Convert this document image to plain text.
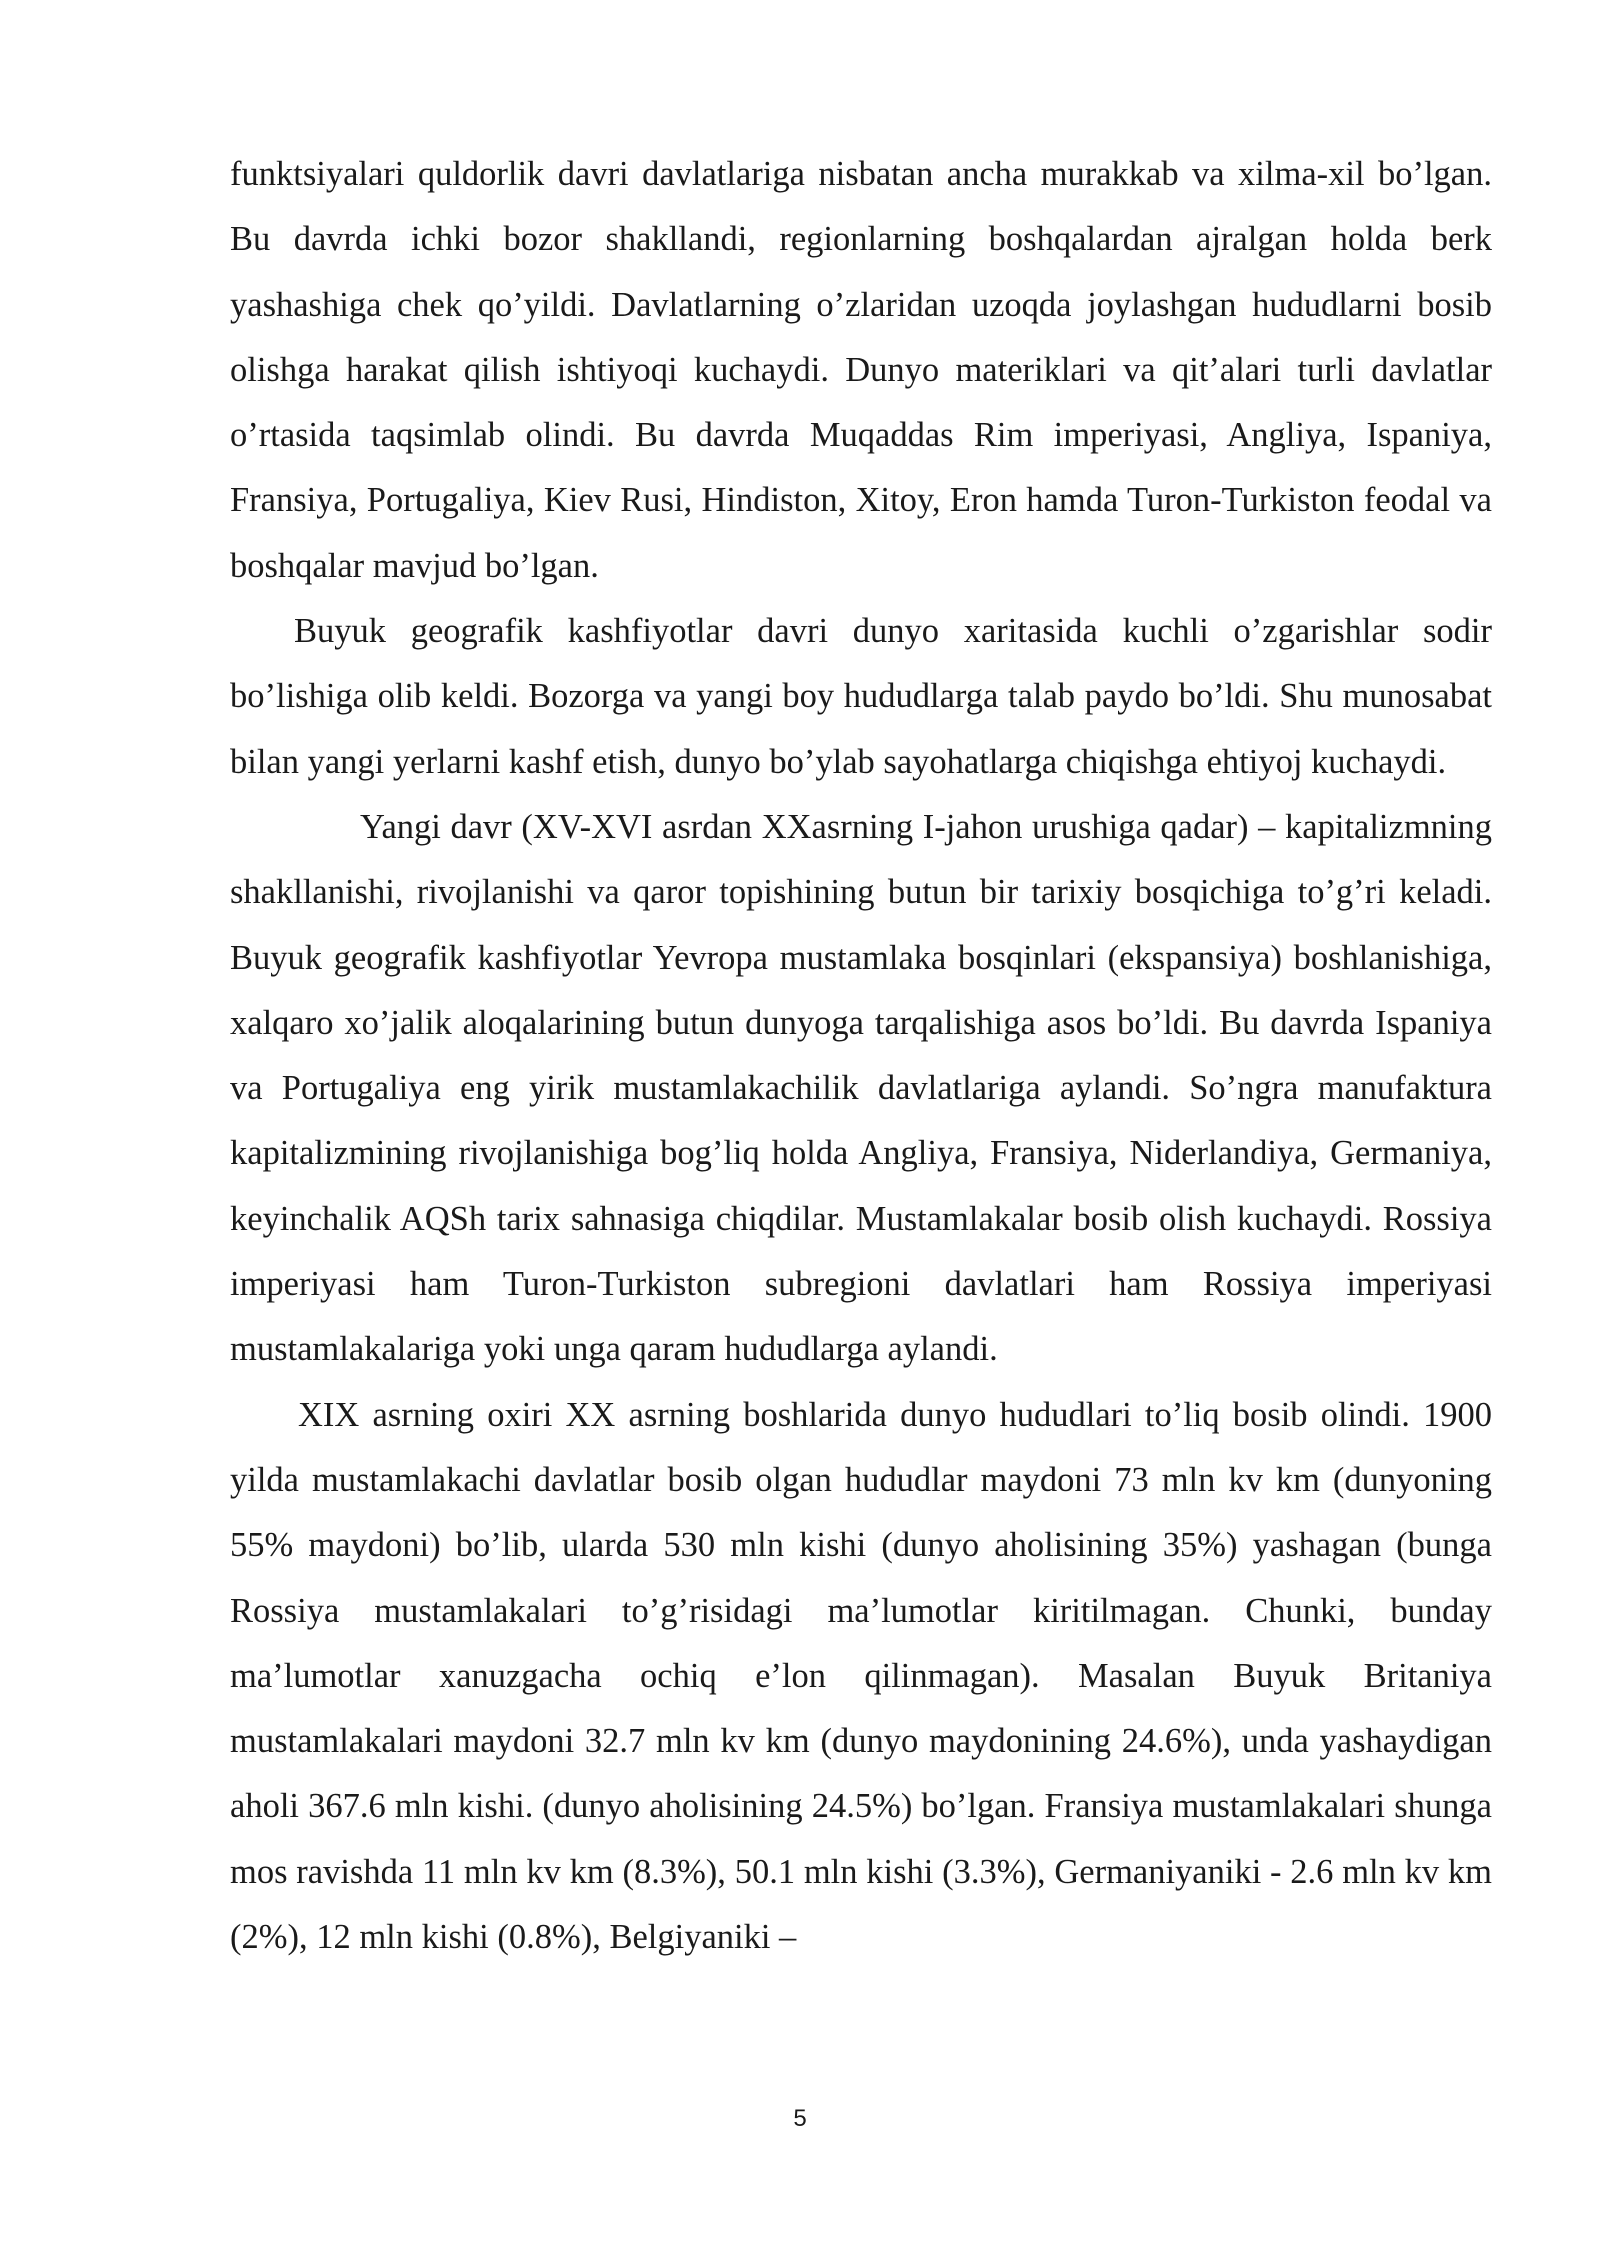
funktsiyalari quldorlik davri davlatlariga nisbatan ancha murakkab va xilma-xil bo’lgan. Bu davrda ichki bozor shakllandi, regionlarning boshqalardan ajralgan holda berk yashashiga chek qo’yildi. Davlatlarning o’zlaridan uzoqda joylashgan hududlarni bosib olishga harakat qilish ishtiyoqi kuchaydi. Dunyo materiklari va qit’alari turli davlatlar o’rtasida taqsimlab olindi. Bu davrda Muqaddas Rim imperiyasi, Angliya, Ispaniya, Fransiya, Portugaliya, Kiev Rusi, Hindiston, Xitoy, Eron hamda Turon-Turkiston feodal va boshqalar mavjud bo’lgan.

Buyuk geografik kashfiyotlar davri dunyo xaritasida kuchli o’zgarishlar sodir bo’lishiga olib keldi. Bozorga va yangi boy hududlarga talab paydo bo’ldi. Shu munosabat bilan yangi yerlarni kashf etish, dunyo bo’ylab sayohatlarga chiqishga ehtiyoj kuchaydi.

Yangi davr (XV-XVI asrdan XXasrning I-jahon urushiga qadar) – kapitalizmning shakllanishi, rivojlanishi va qaror topishining butun bir tarixiy bosqichiga to’g’ri keladi. Buyuk geografik kashfiyotlar Yevropa mustamlaka bosqinlari (ekspansiya) boshlanishiga, xalqaro xo’jalik aloqalarining butun dunyoga tarqalishiga asos bo’ldi. Bu davrda Ispaniya va Portugaliya eng yirik mustamlakachilik davlatlariga aylandi. So’ngra manufaktura kapitalizmining rivojlanishiga bog’liq holda Angliya, Fransiya, Niderlandiya, Germaniya, keyinchalik AQSh tarix sahnasiga chiqdilar. Mustamlakalar bosib olish kuchaydi. Rossiya imperiyasi ham Turon-Turkiston subregioni davlatlari ham Rossiya imperiyasi mustamlakalariga yoki unga qaram hududlarga aylandi.

XIX asrning oxiri XX asrning boshlarida dunyo hududlari to’liq bosib olindi. 1900 yilda mustamlakachi davlatlar bosib olgan hududlar maydoni 73 mln kv km (dunyoning 55% maydoni) bo’lib, ularda 530 mln kishi (dunyo aholisining 35%) yashagan (bunga Rossiya mustamlakalari to’g’risidagi ma’lumotlar kiritilmagan. Chunki, bunday ma’lumotlar xanuzgacha ochiq e’lon qilinmagan). Masalan Buyuk Britaniya mustamlakalari maydoni 32.7 mln kv km (dunyo maydonining 24.6%), unda yashaydigan aholi 367.6 mln kishi. (dunyo aholisining 24.5%) bo’lgan. Fransiya mustamlakalari shunga mos ravishda 11 mln kv km (8.3%), 50.1 mln kishi (3.3%), Germaniyaniki - 2.6 mln kv km (2%), 12 mln kishi (0.8%), Belgiyaniki –

5
